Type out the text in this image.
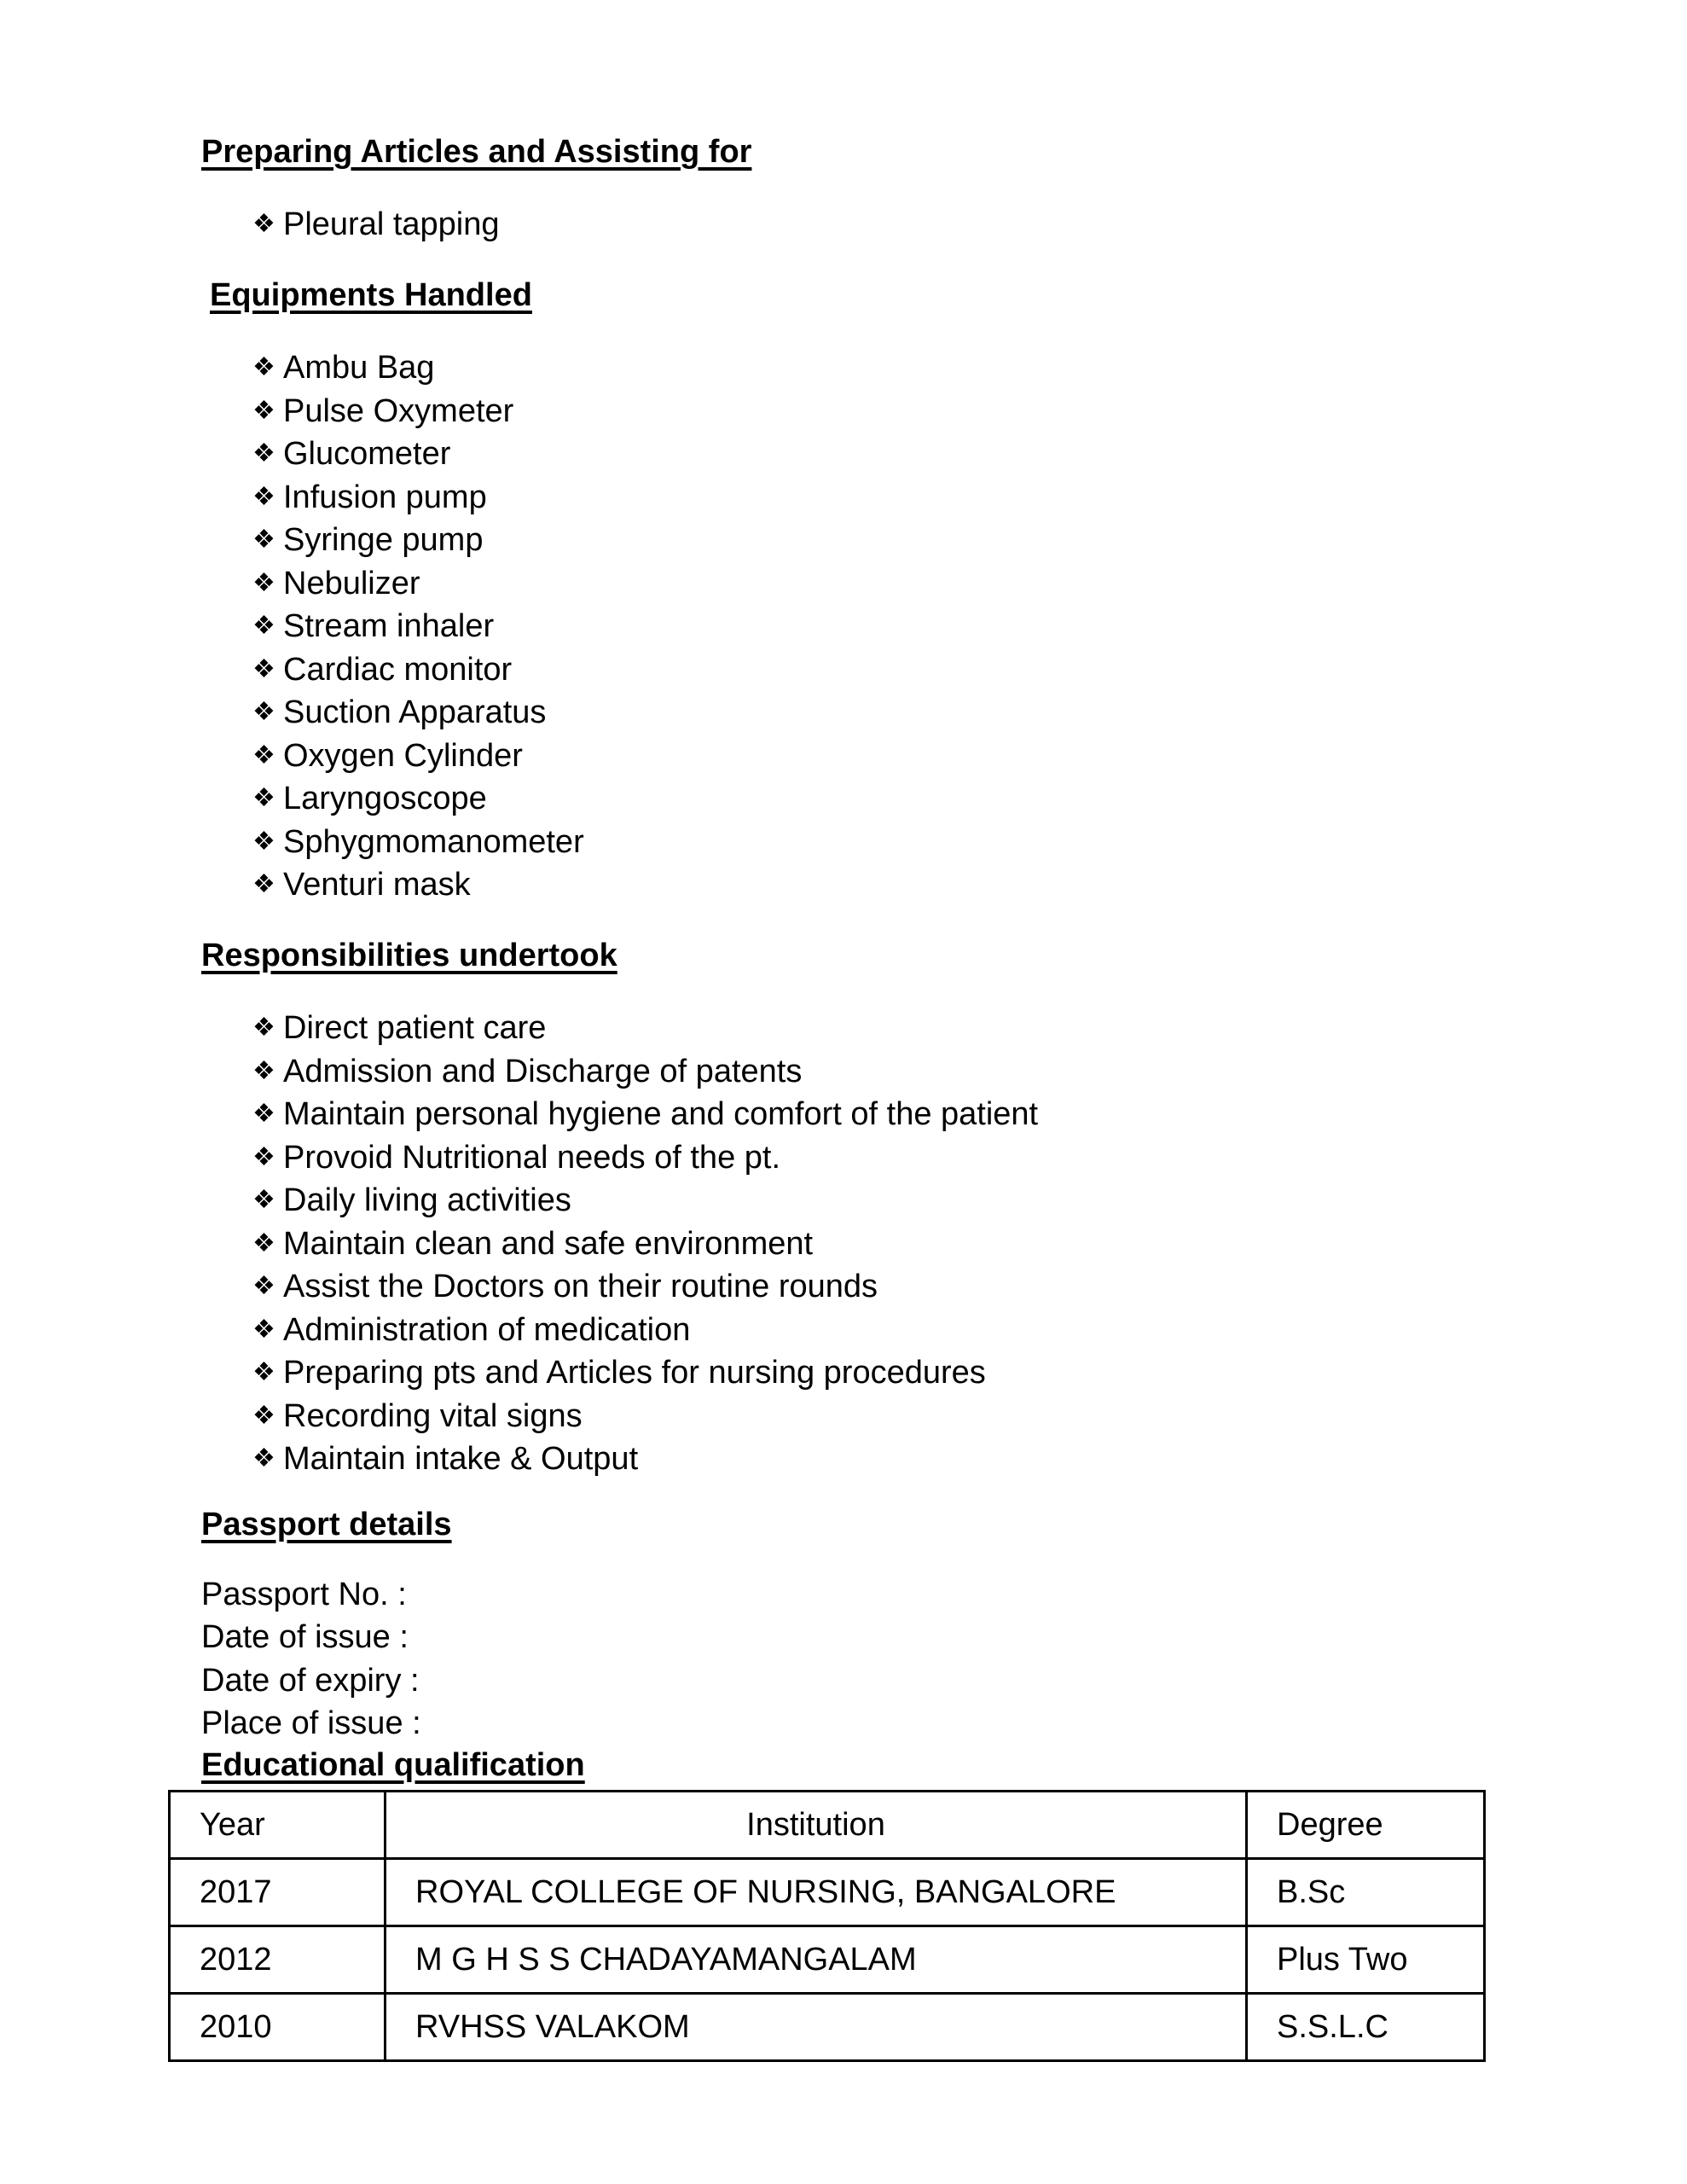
Preparing Articles and Assisting for
❖ Pleural tapping
Equipments Handled
❖ Ambu Bag
❖ Pulse Oxymeter
❖ Glucometer
❖ Infusion pump
❖ Syringe pump
❖ Nebulizer
❖ Stream inhaler
❖ Cardiac monitor
❖ Suction Apparatus
❖ Oxygen Cylinder
❖ Laryngoscope
❖ Sphygmomanometer
❖ Venturi mask
Responsibilities undertook
❖ Direct patient care
❖ Admission and Discharge of patents
❖ Maintain personal hygiene and comfort of the patient
❖ Provoid Nutritional needs of the pt.
❖ Daily living activities
❖ Maintain clean and safe environment
❖ Assist the Doctors on their routine rounds
❖ Administration of medication
❖ Preparing pts and Articles for nursing procedures
❖ Recording vital signs
❖ Maintain intake & Output
Passport details
Passport No. :
Date of issue :
Date of expiry :
Place of issue :
Educational qualification
Year	Institution	Degree
2017	ROYAL COLLEGE OF NURSING, BANGALORE	B.Sc
2012	M G H S S CHADAYAMANGALAM	Plus Two
2010	RVHSS VALAKOM	S.S.L.C
